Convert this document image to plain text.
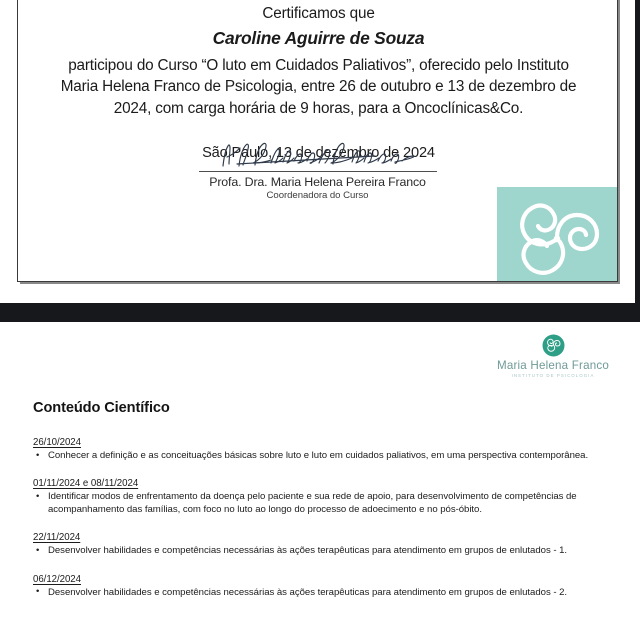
Certificamos que
Caroline Aguirre de Souza
participou do Curso “O luto em Cuidados Paliativos”, oferecido pelo Instituto Maria Helena Franco de Psicologia, entre 26 de outubro e 13 de dezembro de 2024, com carga horária de 9 horas, para a Oncoclínicas&Co.
São Paulo, 13 de dezembro de 2024
Profa. Dra. Maria Helena Pereira Franco
Coordenadora do Curso
Maria Helena Franco
INSTITUTO DE PSICOLOGIA
Conteúdo Científico
26/10/2024
• Conhecer a definição e as conceituações básicas sobre luto e luto em cuidados paliativos, em uma perspectiva contemporânea.
01/11/2024 e 08/11/2024
• Identificar modos de enfrentamento da doença pelo paciente e sua rede de apoio, para desenvolvimento de competências de acompanhamento das famílias, com foco no luto ao longo do processo de adoecimento e no pós-óbito.
22/11/2024
• Desenvolver habilidades e competências necessárias às ações terapêuticas para atendimento em grupos de enlutados - 1.
06/12/2024
• Desenvolver habilidades e competências necessárias às ações terapêuticas para atendimento em grupos de enlutados - 2.
